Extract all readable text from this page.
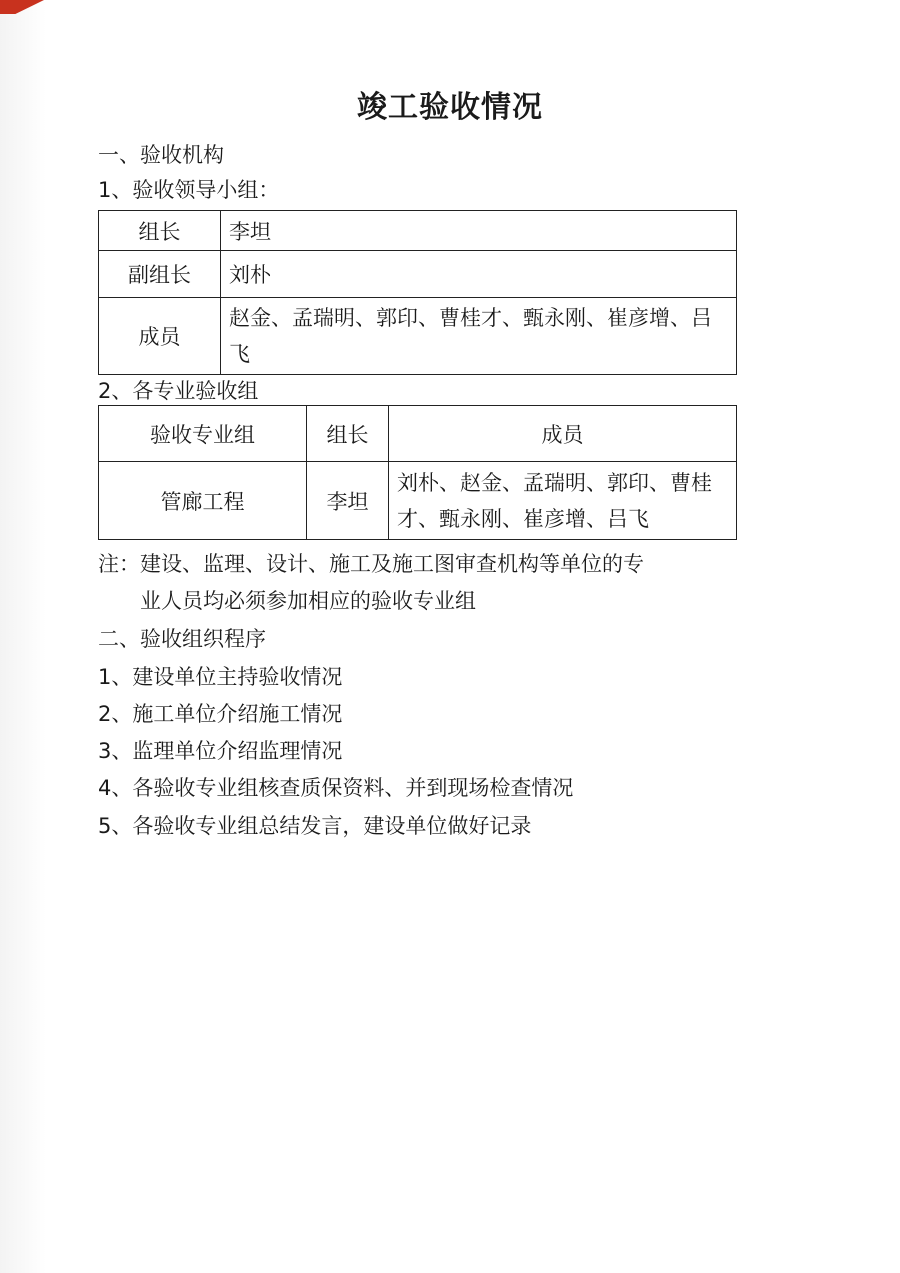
竣工验收情况
一、验收机构
1、验收领导小组：
组长	李坦
副组长	刘朴
成员	赵金、孟瑞明、郭印、曹桂才、甄永刚、崔彦增、吕飞
2、各专业验收组
验收专业组	组长	成员
管廊工程	李坦	刘朴、赵金、孟瑞明、郭印、曹桂才、甄永刚、崔彦增、吕飞
注：建设、监理、设计、施工及施工图审查机构等单位的专
业人员均必须参加相应的验收专业组
二、验收组织程序
1、建设单位主持验收情况
2、施工单位介绍施工情况
3、监理单位介绍监理情况
4、各验收专业组核查质保资料、并到现场检查情况
5、各验收专业组总结发言，建设单位做好记录
